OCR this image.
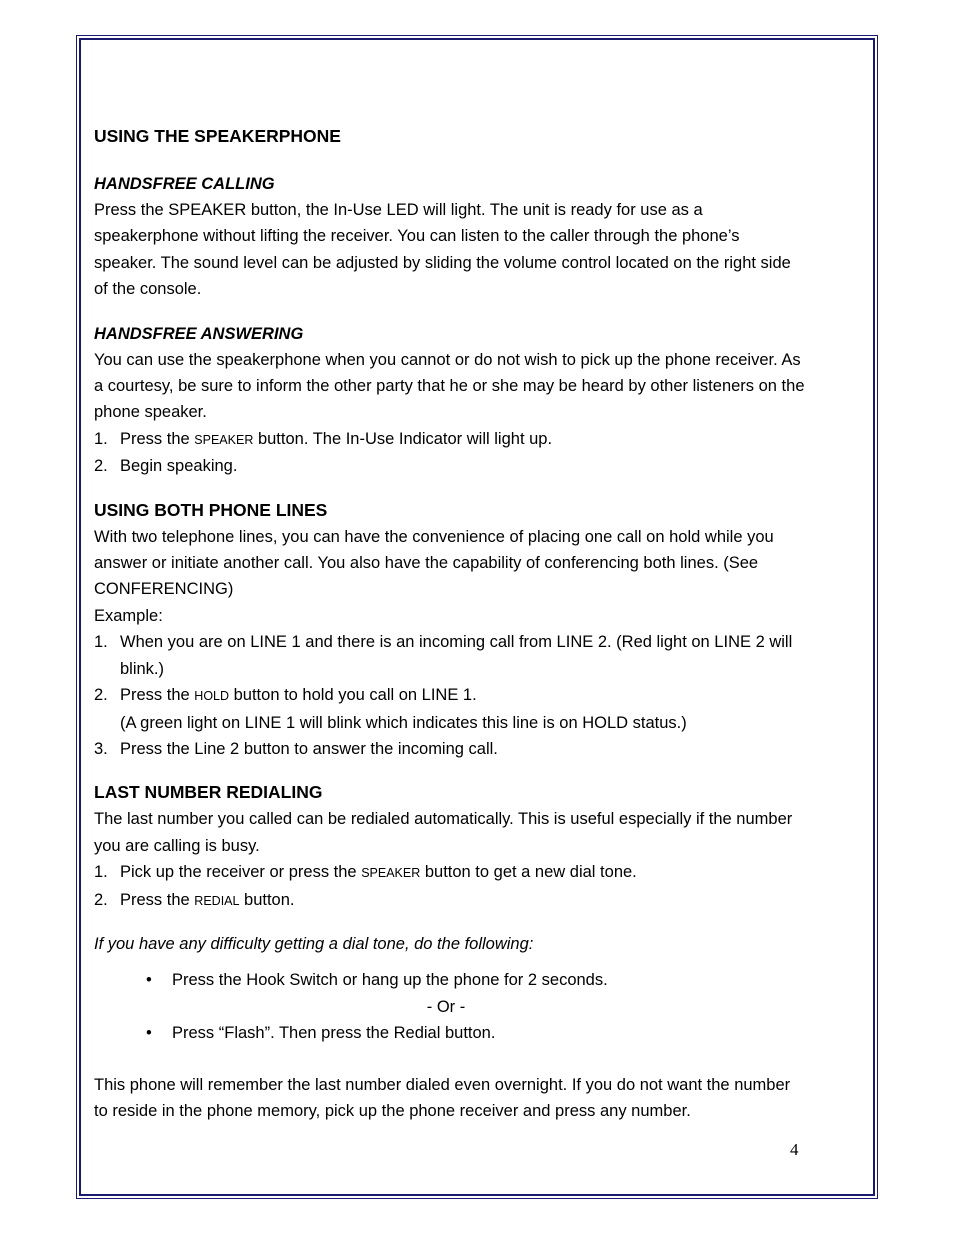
USING THE SPEAKERPHONE
HANDSFREE CALLING

Press the SPEAKER button, the In-Use LED will light. The unit is ready for use as a speakerphone without lifting the receiver. You can listen to the caller through the phone’s speaker. The sound level can be adjusted by sliding the volume control located on the right side of the console.

HANDSFREE ANSWERING

You can use the speakerphone when you cannot or do not wish to pick up the phone receiver. As a courtesy, be sure to inform the other party that he or she may be heard by other listeners on the phone speaker.

1. Press the SPEAKER button. The In-Use Indicator will light up.
2. Begin speaking.
USING BOTH PHONE LINES

With two telephone lines, you can have the convenience of placing one call on hold while you answer or initiate another call. You also have the capability of conferencing both lines. (See CONFERENCING)

Example:

1. When you are on LINE 1 and there is an incoming call from LINE 2. (Red light on LINE 2 will blink.)
2. Press the HOLD button to hold you call on LINE 1.
(A green light on LINE 1 will blink which indicates this line is on HOLD status.)
3. Press the Line 2 button to answer the incoming call.
LAST NUMBER REDIALING

The last number you called can be redialed automatically. This is useful especially if the number you are calling is busy.

1. Pick up the receiver or press the SPEAKER button to get a new dial tone.
2. Press the REDIAL button.

If you have any difficulty getting a dial tone, do the following:

• Press the Hook Switch or hang up the phone for 2 seconds.

- Or -

• Press “Flash”. Then press the Redial button.

This phone will remember the last number dialed even overnight. If you do not want the number to reside in the phone memory, pick up the phone receiver and press any number.

4
